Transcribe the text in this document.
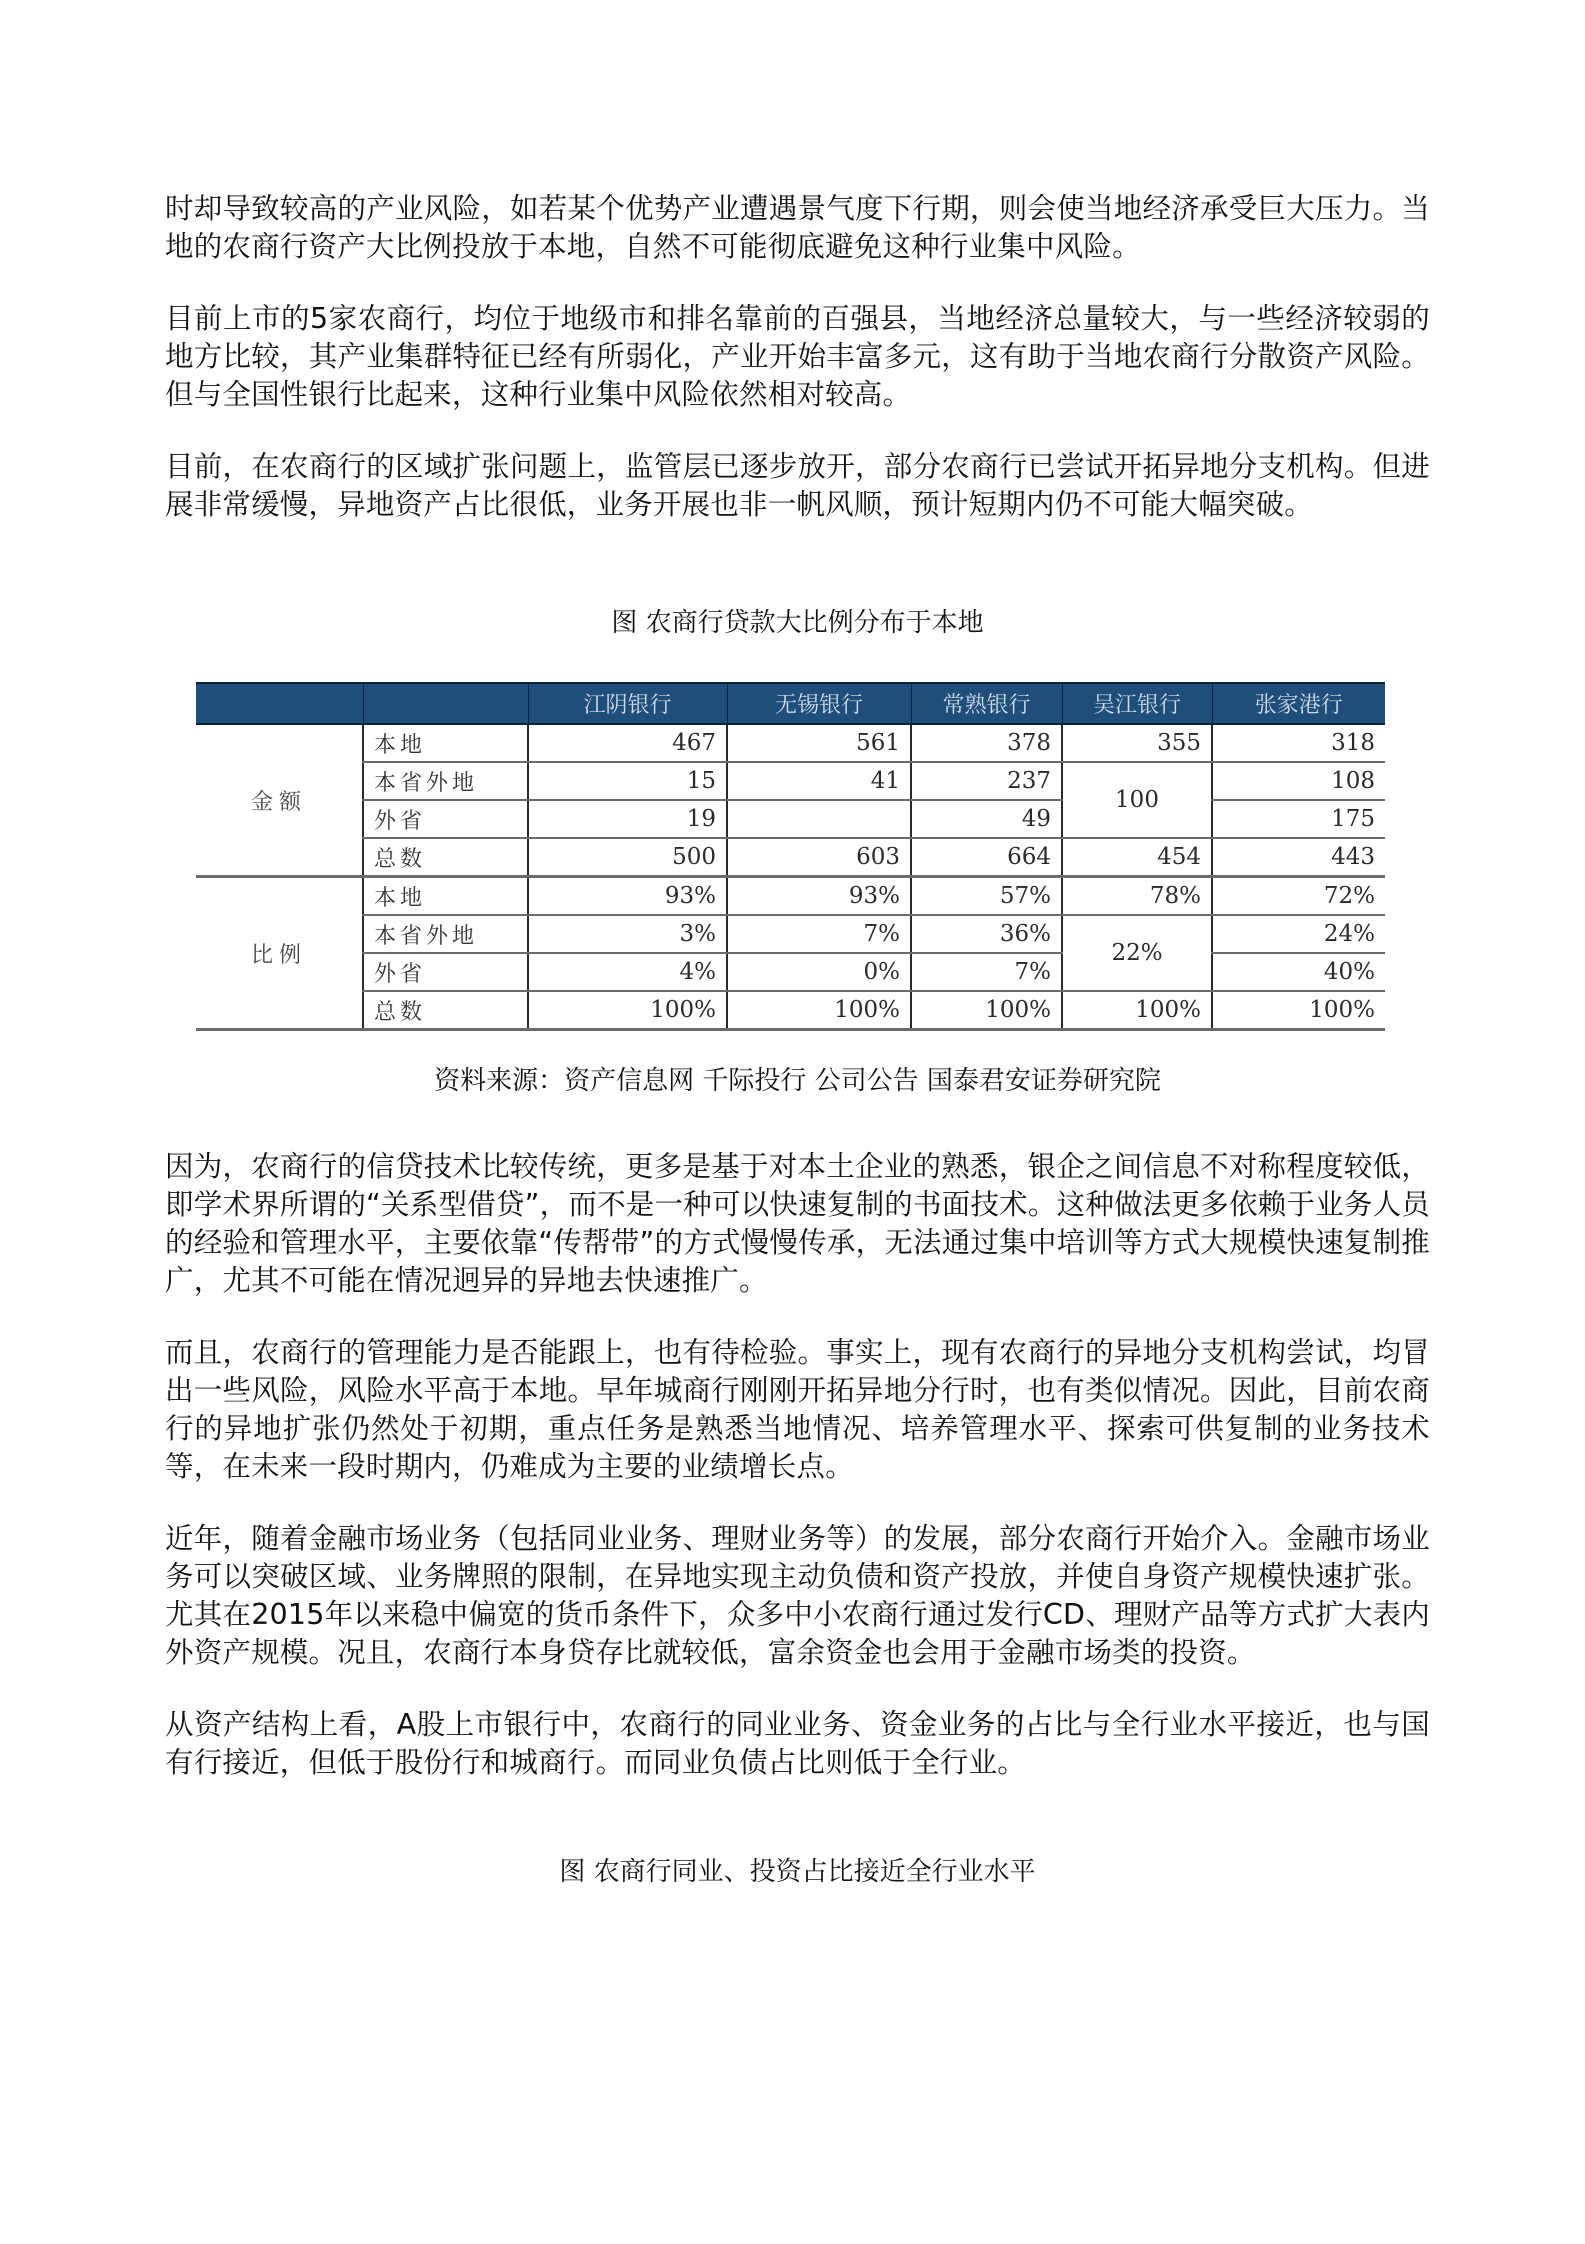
时却导致较高的产业风险，如若某个优势产业遭遇景气度下行期，则会使当地经济承受巨大压力。当地的农商行资产大比例投放于本地，自然不可能彻底避免这种行业集中风险。

目前上市的5家农商行，均位于地级市和排名靠前的百强县，当地经济总量较大，与一些经济较弱的地方比较，其产业集群特征已经有所弱化，产业开始丰富多元，这有助于当地农商行分散资产风险。但与全国性银行比起来，这种行业集中风险依然相对较高。

目前，在农商行的区域扩张问题上，监管层已逐步放开，部分农商行已尝试开拓异地分支机构。但进展非常缓慢，异地资产占比很低，业务开展也非一帆风顺，预计短期内仍不可能大幅突破。

图 农商行贷款大比例分布于本地

		江阴银行	无锡银行	常熟银行	吴江银行	张家港行
金额	本地	467	561	378	355	318
	本省外地	15	41	237	100	108
	外省	19		49		175
	总数	500	603	664	454	443
比例	本地	93%	93%	57%	78%	72%
	本省外地	3%	7%	36%	22%	24%
	外省	4%	0%	7%		40%
	总数	100%	100%	100%	100%	100%

资料来源：资产信息网 千际投行 公司公告 国泰君安证券研究院

因为，农商行的信贷技术比较传统，更多是基于对本土企业的熟悉，银企之间信息不对称程度较低，即学术界所谓的“关系型借贷”，而不是一种可以快速复制的书面技术。这种做法更多依赖于业务人员的经验和管理水平，主要依靠“传帮带”的方式慢慢传承，无法通过集中培训等方式大规模快速复制推广，尤其不可能在情况迥异的异地去快速推广。

而且，农商行的管理能力是否能跟上，也有待检验。事实上，现有农商行的异地分支机构尝试，均冒出一些风险，风险水平高于本地。早年城商行刚刚开拓异地分行时，也有类似情况。因此，目前农商行的异地扩张仍然处于初期，重点任务是熟悉当地情况、培养管理水平、探索可供复制的业务技术等，在未来一段时期内，仍难成为主要的业绩增长点。

近年，随着金融市场业务（包括同业业务、理财业务等）的发展，部分农商行开始介入。金融市场业务可以突破区域、业务牌照的限制，在异地实现主动负债和资产投放，并使自身资产规模快速扩张。尤其在2015年以来稳中偏宽的货币条件下，众多中小农商行通过发行CD、理财产品等方式扩大表内外资产规模。况且，农商行本身贷存比就较低，富余资金也会用于金融市场类的投资。

从资产结构上看，A股上市银行中，农商行的同业业务、资金业务的占比与全行业水平接近，也与国有行接近，但低于股份行和城商行。而同业负债占比则低于全行业。

图 农商行同业、投资占比接近全行业水平
